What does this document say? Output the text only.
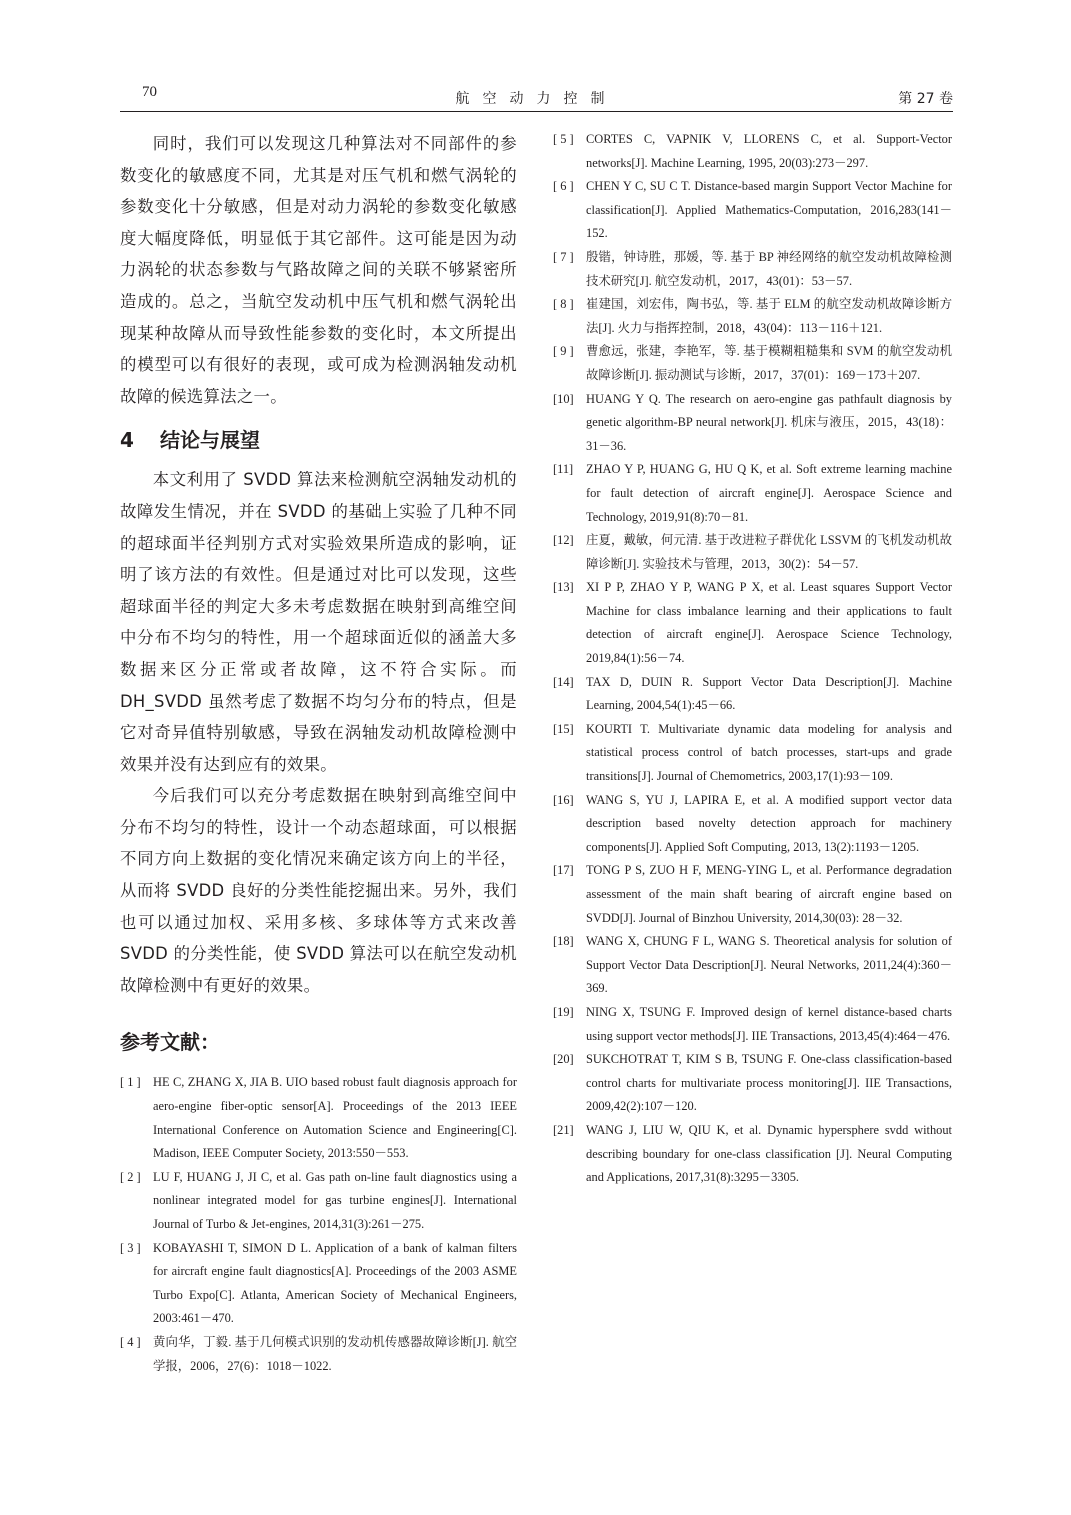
70	航空动力控制	第 27 卷

同时，我们可以发现这几种算法对不同部件的参数变化的敏感度不同，尤其是对压气机和燃气涡轮的参数变化十分敏感，但是对动力涡轮的参数变化敏感度大幅度降低，明显低于其它部件。这可能是因为动力涡轮的状态参数与气路故障之间的关联不够紧密所造成的。总之，当航空发动机中压气机和燃气涡轮出现某种故障从而导致性能参数的变化时，本文所提出的模型可以有很好的表现，或可成为检测涡轴发动机故障的候选算法之一。

4 结论与展望

本文利用了 SVDD 算法来检测航空涡轴发动机的故障发生情况，并在 SVDD 的基础上实验了几种不同的超球面半径判别方式对实验效果所造成的影响，证明了该方法的有效性。但是通过对比可以发现，这些超球面半径的判定大多未考虑数据在映射到高维空间中分布不均匀的特性，用一个超球面近似的涵盖大多数据来区分正常或者故障，这不符合实际。而 DH_SVDD 虽然考虑了数据不均匀分布的特点，但是它对奇异值特别敏感，导致在涡轴发动机故障检测中效果并没有达到应有的效果。

今后我们可以充分考虑数据在映射到高维空间中分布不均匀的特性，设计一个动态超球面，可以根据不同方向上数据的变化情况来确定该方向上的半径，从而将 SVDD 良好的分类性能挖掘出来。另外，我们也可以通过加权、采用多核、多球体等方式来改善 SVDD 的分类性能，使 SVDD 算法可以在航空发动机故障检测中有更好的效果。

参考文献：
[ 1 ] HE C, ZHANG X, JIA B. UIO based robust fault diagnosis approach for aero-engine fiber-optic sensor[A]. Proceedings of the 2013 IEEE International Conference on Automation Science and Engineering[C]. Madison, IEEE Computer Society, 2013:550－553.
[ 2 ] LU F, HUANG J, JI C, et al. Gas path on-line fault diagnostics using a nonlinear integrated model for gas turbine engines[J]. International Journal of Turbo & Jet-engines, 2014,31(3):261－275.
[ 3 ] KOBAYASHI T, SIMON D L. Application of a bank of kalman filters for aircraft engine fault diagnostics[A]. Proceedings of the 2003 ASME Turbo Expo[C]. Atlanta, American Society of Mechanical Engineers, 2003:461－470.
[ 4 ] 黄向华，丁毅. 基于几何模式识别的发动机传感器故障诊断[J]. 航空学报，2006，27(6)：1018－1022.
[ 5 ] CORTES C, VAPNIK V, LLORENS C, et al. Support-Vector networks[J]. Machine Learning, 1995, 20(03):273－297.
[ 6 ] CHEN Y C, SU C T. Distance-based margin Support Vector Machine for classification[J]. Applied Mathematics-Computation, 2016,283(141－152.
[ 7 ] 殷锴，钟诗胜，那媛，等. 基于 BP 神经网络的航空发动机故障检测技术研究[J]. 航空发动机，2017，43(01)：53－57.
[ 8 ] 崔建国，刘宏伟，陶书弘，等. 基于 ELM 的航空发动机故障诊断方法[J]. 火力与指挥控制，2018，43(04)：113－116＋121.
[ 9 ] 曹愈远，张建，李艳军，等. 基于模糊粗糙集和 SVM 的航空发动机故障诊断[J]. 振动测试与诊断，2017，37(01)：169－173＋207.
[10] HUANG Y Q. The research on aero-engine gas pathfault diagnosis by genetic algorithm-BP neural network[J]. 机床与液压，2015，43(18)：31－36.
[11] ZHAO Y P, HUANG G, HU Q K, et al. Soft extreme learning machine for fault detection of aircraft engine[J]. Aerospace Science and Technology, 2019,91(8):70－81.
[12] 庄夏，戴敏，何元清. 基于改进粒子群优化 LSSVM 的飞机发动机故障诊断[J]. 实验技术与管理，2013，30(2)：54－57.
[13] XI P P, ZHAO Y P, WANG P X, et al. Least squares Support Vector Machine for class imbalance learning and their applications to fault detection of aircraft engine[J]. Aerospace Science Technology, 2019,84(1):56－74.
[14] TAX D, DUIN R. Support Vector Data Description[J]. Machine Learning, 2004,54(1):45－66.
[15] KOURTI T. Multivariate dynamic data modeling for analysis and statistical process control of batch processes, start-ups and grade transitions[J]. Journal of Chemometrics, 2003,17(1):93－109.
[16] WANG S, YU J, LAPIRA E, et al. A modified support vector data description based novelty detection approach for machinery components[J]. Applied Soft Computing, 2013, 13(2):1193－1205.
[17] TONG P S, ZUO H F, MENG-YING L, et al. Performance degradation assessment of the main shaft bearing of aircraft engine based on SVDD[J]. Journal of Binzhou University, 2014,30(03): 28－32.
[18] WANG X, CHUNG F L, WANG S. Theoretical analysis for solution of Support Vector Data Description[J]. Neural Networks, 2011,24(4):360－369.
[19] NING X, TSUNG F. Improved design of kernel distance-based charts using support vector methods[J]. IIE Transactions, 2013,45(4):464－476.
[20] SUKCHOTRAT T, KIM S B, TSUNG F. One-class classification-based control charts for multivariate process monitoring[J]. IIE Transactions, 2009,42(2):107－120.
[21] WANG J, LIU W, QIU K, et al. Dynamic hypersphere svdd without describing boundary for one-class classification [J]. Neural Computing and Applications, 2017,31(8):3295－3305.
